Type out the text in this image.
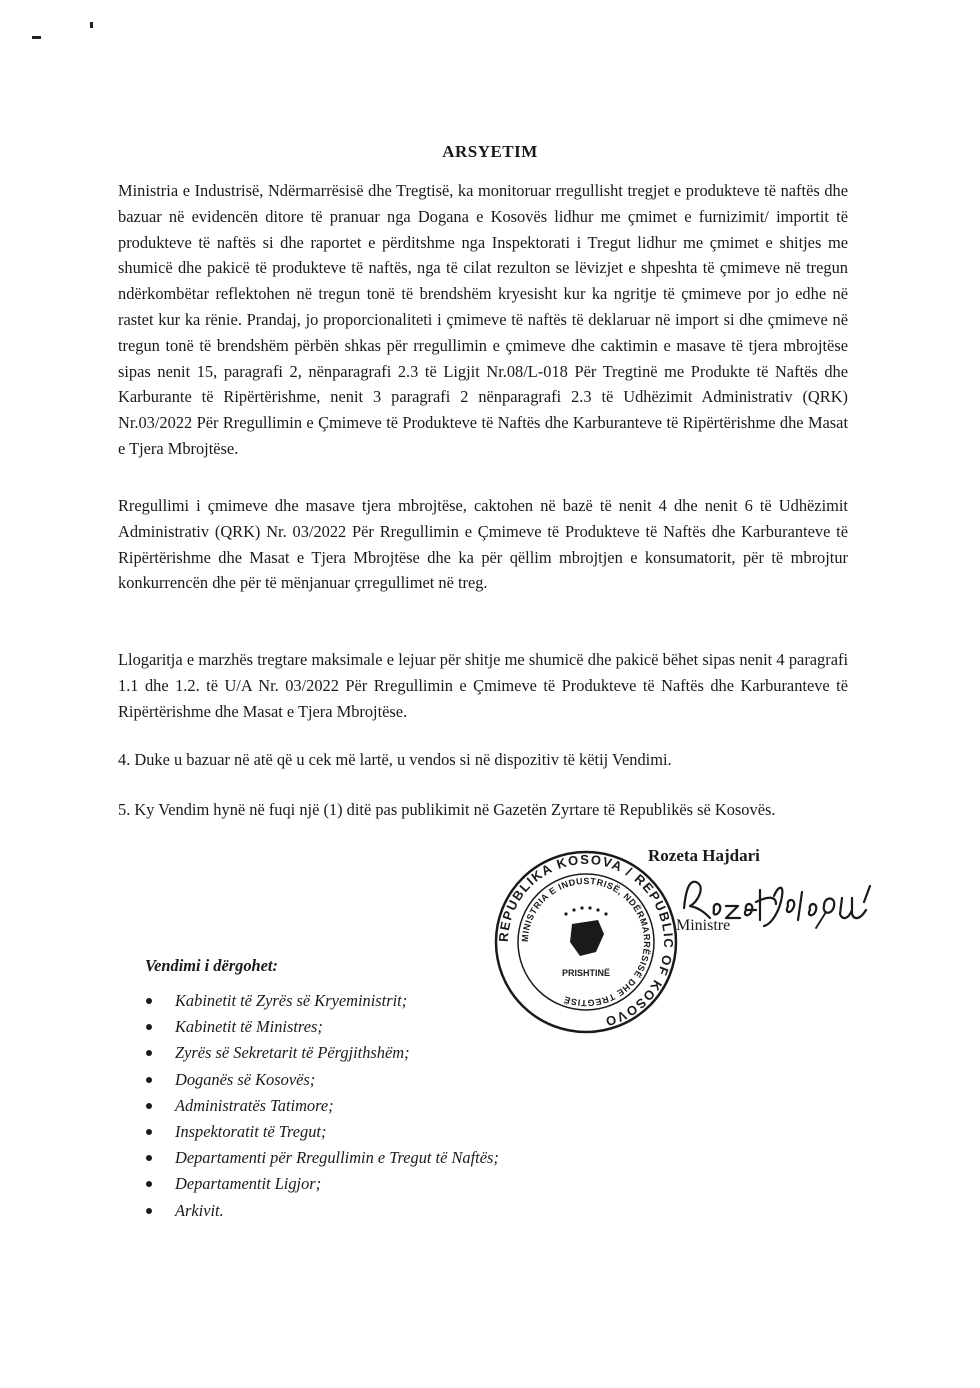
ARSYETIM

Ministria e Industrisë, Ndërmarrësisë dhe Tregtisë, ka monitoruar rregullisht tregjet e produkteve të naftës dhe bazuar në evidencën ditore të pranuar nga Dogana e Kosovës lidhur me çmimet e furnizimit/ importit të produkteve të naftës si dhe raportet e përditshme nga Inspektorati i Tregut lidhur me çmimet e shitjes me shumicë dhe pakicë të produkteve të naftës, nga të cilat rezulton se lëvizjet e shpeshta të çmimeve në tregun ndërkombëtar reflektohen në tregun tonë të brendshëm kryesisht kur ka ngritje të çmimeve por jo edhe në rastet kur ka rënie. Prandaj, jo proporcionaliteti i çmimeve të naftës të deklaruar në import si dhe çmimeve në tregun tonë të brendshëm përbën shkas për rregullimin e çmimeve dhe caktimin e masave të tjera mbrojtëse sipas nenit 15, paragrafi 2, nënparagrafi 2.3 të Ligjit Nr.08/L-018 Për Tregtinë me Produkte të Naftës dhe Karburante të Ripërtërishme, nenit 3 paragrafi 2 nënparagrafi 2.3 të Udhëzimit Administrativ (QRK) Nr.03/2022 Për Rregullimin e Çmimeve të Produkteve të Naftës dhe Karburanteve të Ripërtërishme dhe Masat e Tjera Mbrojtëse.

Rregullimi i çmimeve dhe masave tjera mbrojtëse, caktohen në bazë të nenit 4 dhe nenit 6 të Udhëzimit Administrativ (QRK) Nr. 03/2022 Për Rregullimin e Çmimeve të Produkteve të Naftës dhe Karburanteve të Ripërtërishme dhe Masat e Tjera Mbrojtëse dhe ka për qëllim mbrojtjen e konsumatorit, për të mbrojtur konkurrencën dhe për të mënjanuar çrregullimet në treg.

Llogaritja e marzhës tregtare maksimale e lejuar për shitje me shumicë dhe pakicë bëhet sipas nenit 4 paragrafi 1.1 dhe 1.2. të U/A Nr. 03/2022 Për Rregullimin e Çmimeve të Produkteve të Naftës dhe Karburanteve të Ripërtërishme dhe Masat e Tjera Mbrojtëse.

4. Duke u bazuar në atë që u cek më lartë, u vendos si në dispozitiv të këtij Vendimi.

5. Ky Vendim hynë në fuqi një (1) ditë pas publikimit në Gazetën Zyrtare të Republikës së Kosovës.

REPUBLIKA KOSOVA / REPUBLIC OF KOSOVO
MINISTRIA E INDUSTRISË, NDËRMARRËSISË DHE TREGTISË
PRISHTINË
Rozeta Hajdari
Ministre

Vendimi i dërgohet:

Kabinetit të Zyrës së Kryeministrit;
Kabinetit të Ministres;
Zyrës së Sekretarit të Përgjithshëm;
Doganës së Kosovës;
Administratës Tatimore;
Inspektoratit të Tregut;
Departamenti për Rregullimin e Tregut të Naftës;
Departamentit Ligjor;
Arkivit.
